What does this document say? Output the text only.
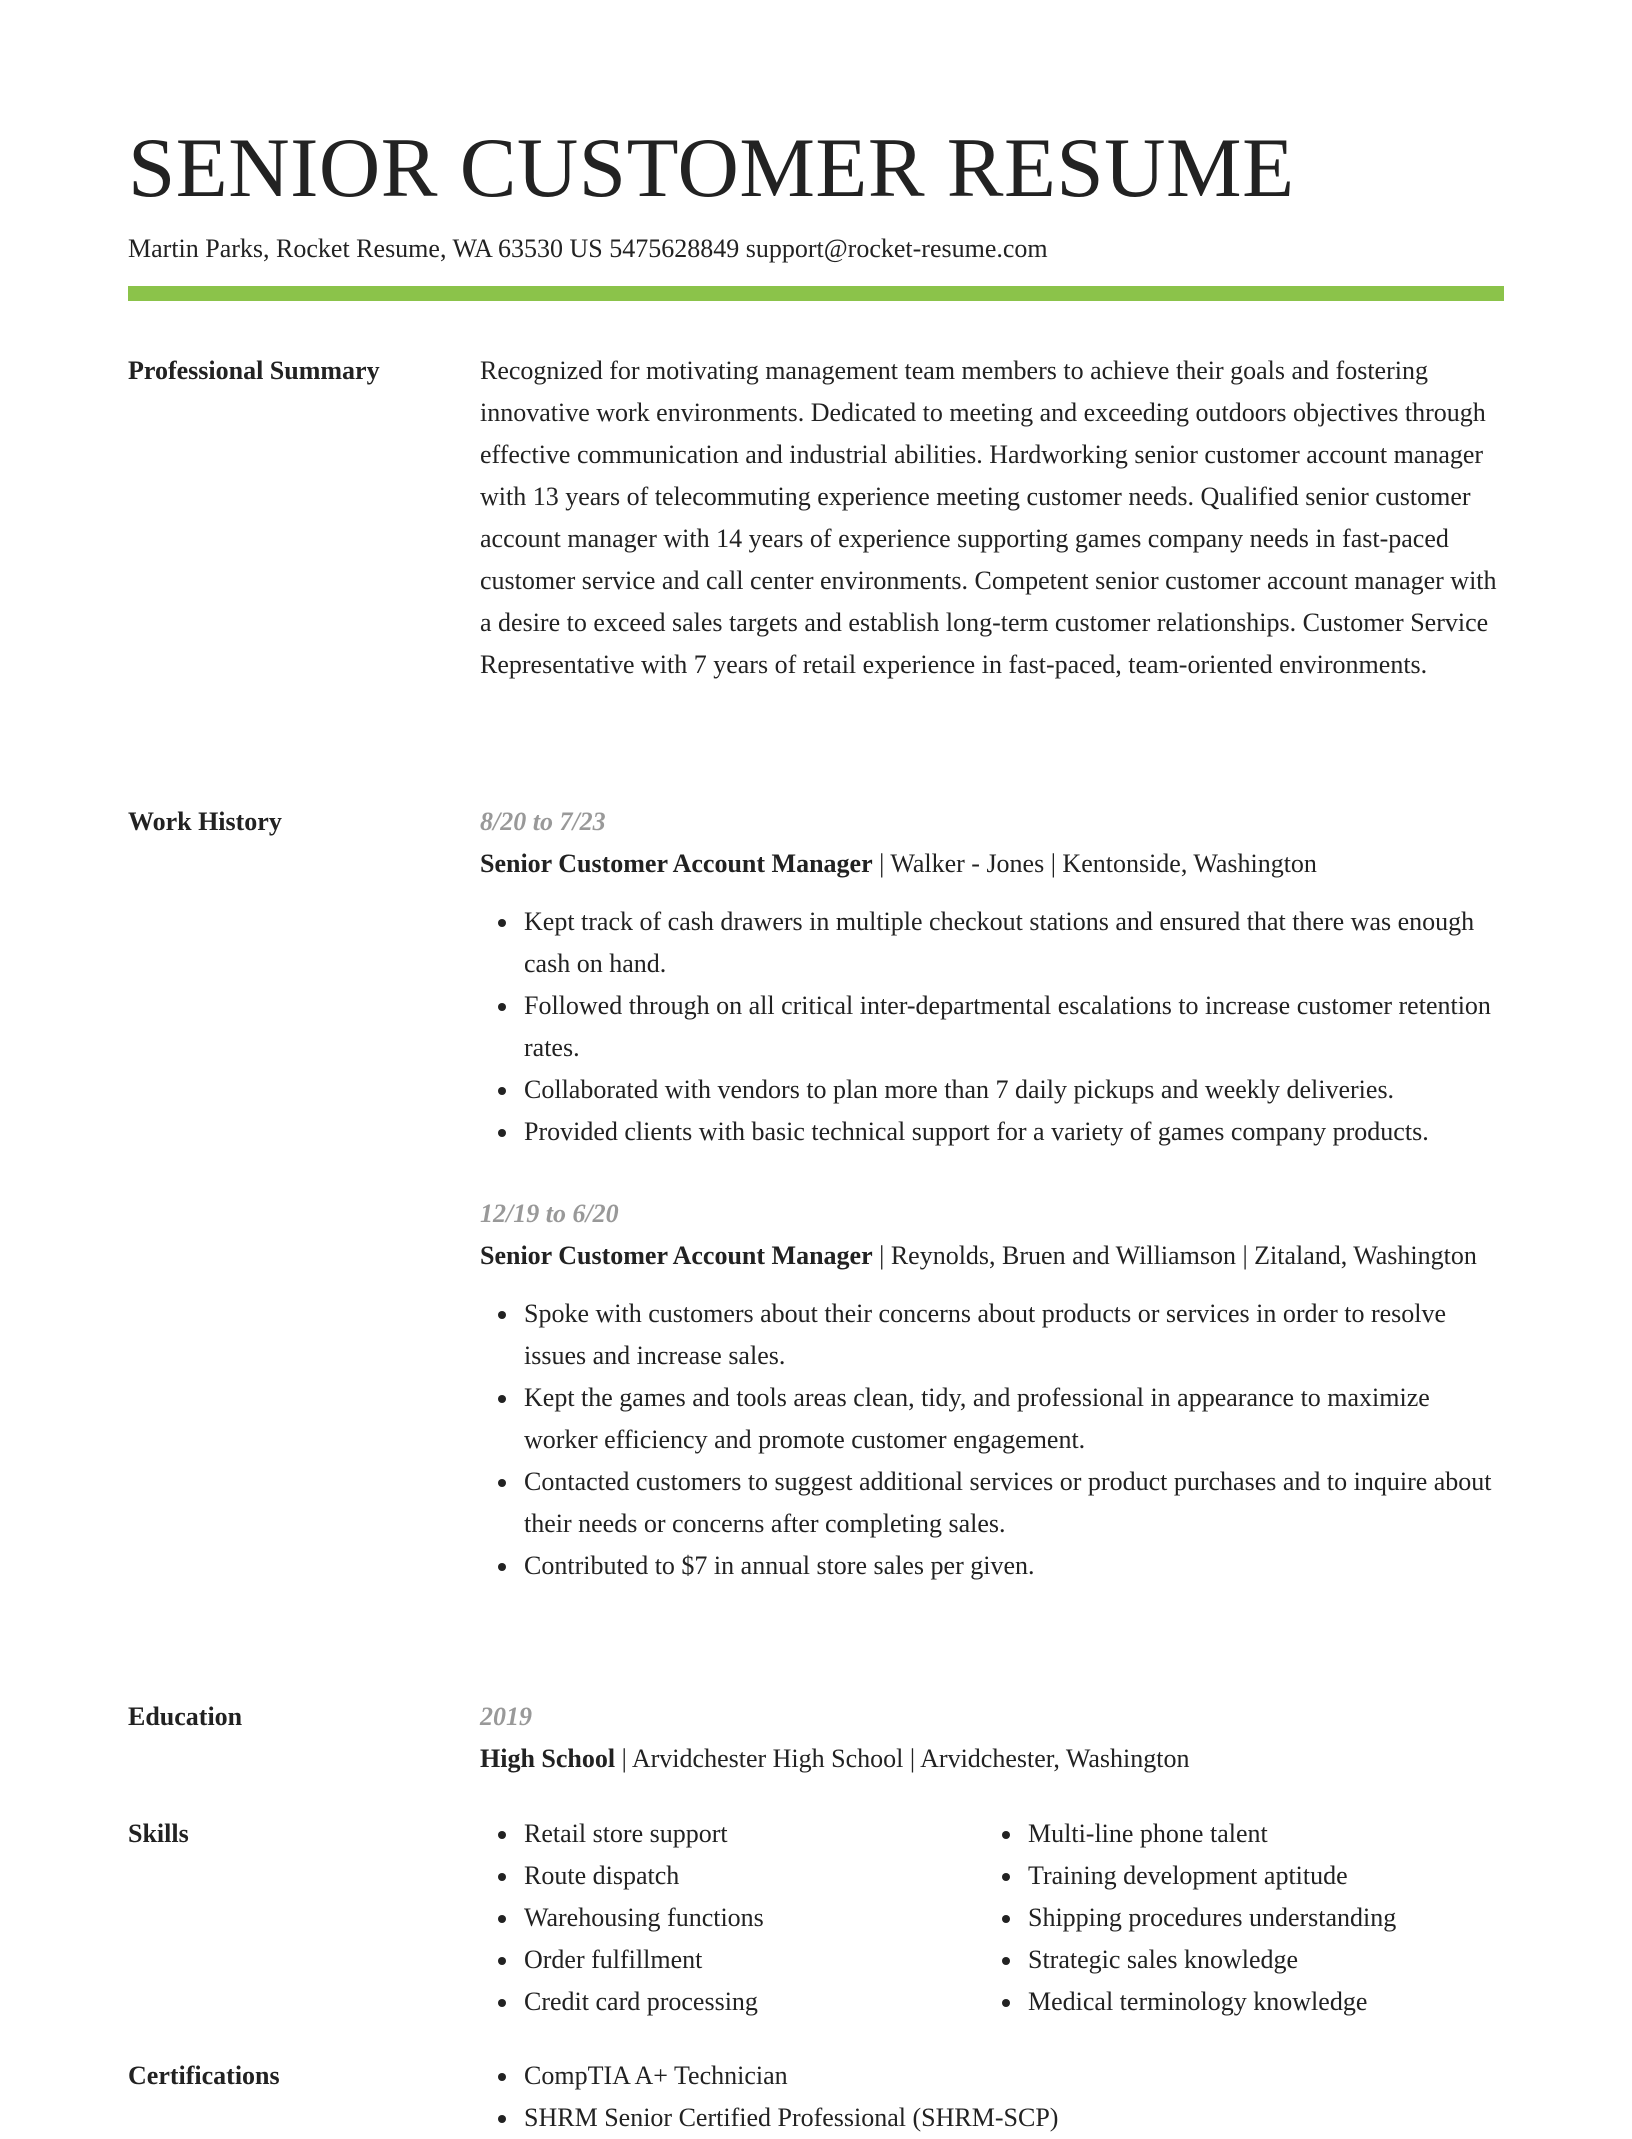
SENIOR CUSTOMER RESUME
Martin Parks, Rocket Resume, WA 63530 US 5475628849 support@rocket-resume.com
Professional Summary	Recognized for motivating management team members to achieve their goals and fostering innovative work environments. Dedicated to meeting and exceeding outdoors objectives through effective communication and industrial abilities. Hardworking senior customer account manager with 13 years of telecommuting experience meeting customer needs. Qualified senior customer account manager with 14 years of experience supporting games company needs in fast-paced customer service and call center environments. Competent senior customer account manager with a desire to exceed sales targets and establish long-term customer relationships. Customer Service Representative with 7 years of retail experience in fast-paced, team-oriented environments.

Work History	8/20 to 7/23
Senior Customer Account Manager | Walker - Jones | Kentonside, Washington
Kept track of cash drawers in multiple checkout stations and ensured that there was enough cash on hand.
Followed through on all critical inter-departmental escalations to increase customer retention rates.
Collaborated with vendors to plan more than 7 daily pickups and weekly deliveries.
Provided clients with basic technical support for a variety of games company products.
12/19 to 6/20
Senior Customer Account Manager | Reynolds, Bruen and Williamson | Zitaland, Washington
Spoke with customers about their concerns about products or services in order to resolve issues and increase sales.
Kept the games and tools areas clean, tidy, and professional in appearance to maximize worker efficiency and promote customer engagement.
Contacted customers to suggest additional services or product purchases and to inquire about their needs or concerns after completing sales.
Contributed to $7 in annual store sales per given.
Education	2019
High School | Arvidchester High School | Arvidchester, Washington
Skills	Retail store support
Route dispatch
Warehousing functions
Order fulfillment
Credit card processing
Multi-line phone talent
Training development aptitude
Shipping procedures understanding
Strategic sales knowledge
Medical terminology knowledge
Certifications	CompTIA A+ Technician
SHRM Senior Certified Professional (SHRM-SCP)
